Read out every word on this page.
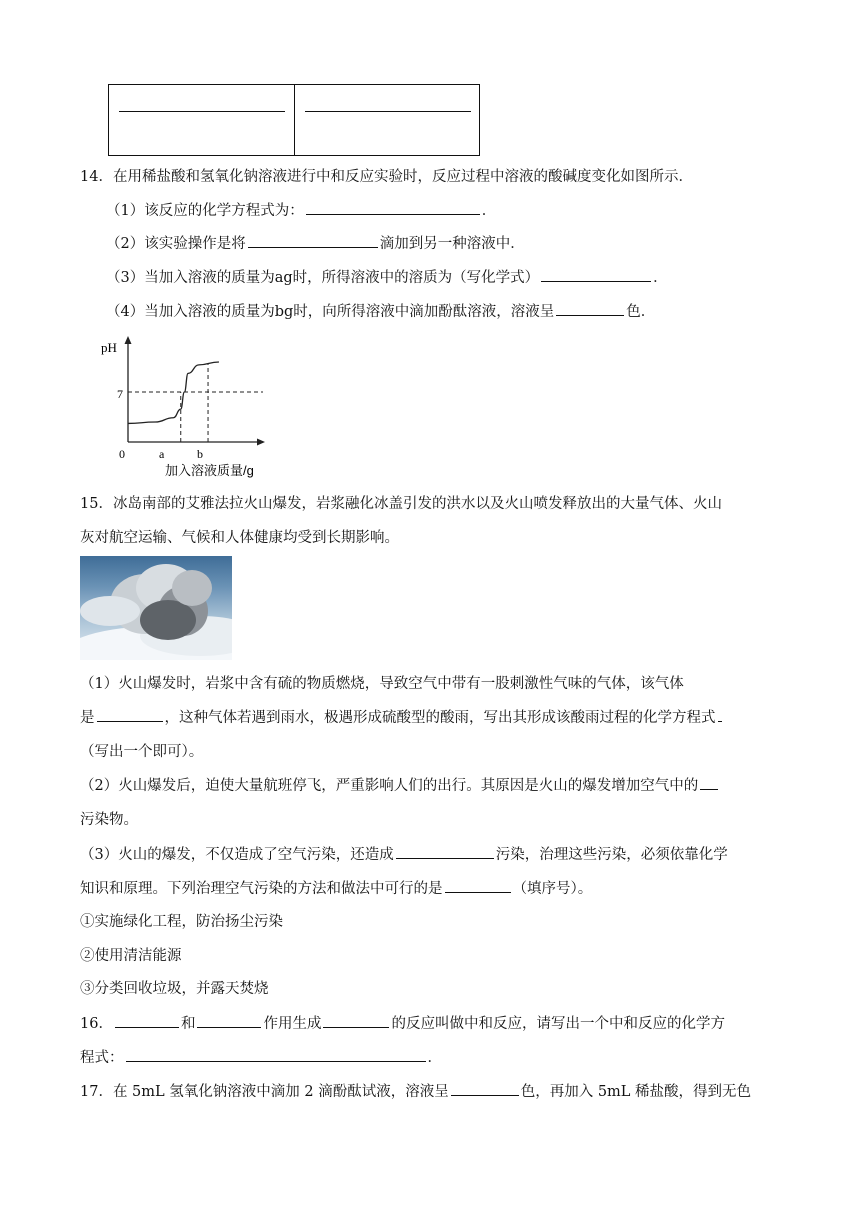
14．在用稀盐酸和氢氧化钠溶液进行中和反应实验时，反应过程中溶液的酸碱度变化如图所示．
（1）该反应的化学方程式为：	．
（2）该实验操作是将	滴加到另一种溶液中．
（3）当加入溶液的质量为ag时，所得溶液中的溶质为（写化学式）	．
（4）当加入溶液的质量为bg时，向所得溶液中滴加酚酞溶液，溶液呈	色．
pH
7
0	a	b
加入溶液质量/g
15．冰岛南部的艾雅法拉火山爆发，岩浆融化冰盖引发的洪水以及火山喷发释放出的大量气体、火山
灰对航空运输、气候和人体健康均受到长期影响。
（1）火山爆发时，岩浆中含有硫的物质燃烧，导致空气中带有一股刺激性气味的气体，该气体
是	，这种气体若遇到雨水，极遇形成硫酸型的酸雨，写出其形成该酸雨过程的化学方程式
（写出一个即可）。
（2）火山爆发后，迫使大量航班停飞，严重影响人们的出行。其原因是火山的爆发增加空气中的
污染物。
（3）火山的爆发，不仅造成了空气污染，还造成	污染，治理这些污染，必须依靠化学
知识和原理。下列治理空气污染的方法和做法中可行的是	（填序号）。
①实施绿化工程，防治扬尘污染
②使用清洁能源
③分类回收垃圾，并露天焚烧
16．	和	作用生成	的反应叫做中和反应，请写出一个中和反应的化学方
程式：	．
17．在 5mL 氢氧化钠溶液中滴加 2 滴酚酞试液，溶液呈	色，再加入 5mL 稀盐酸，得到无色
